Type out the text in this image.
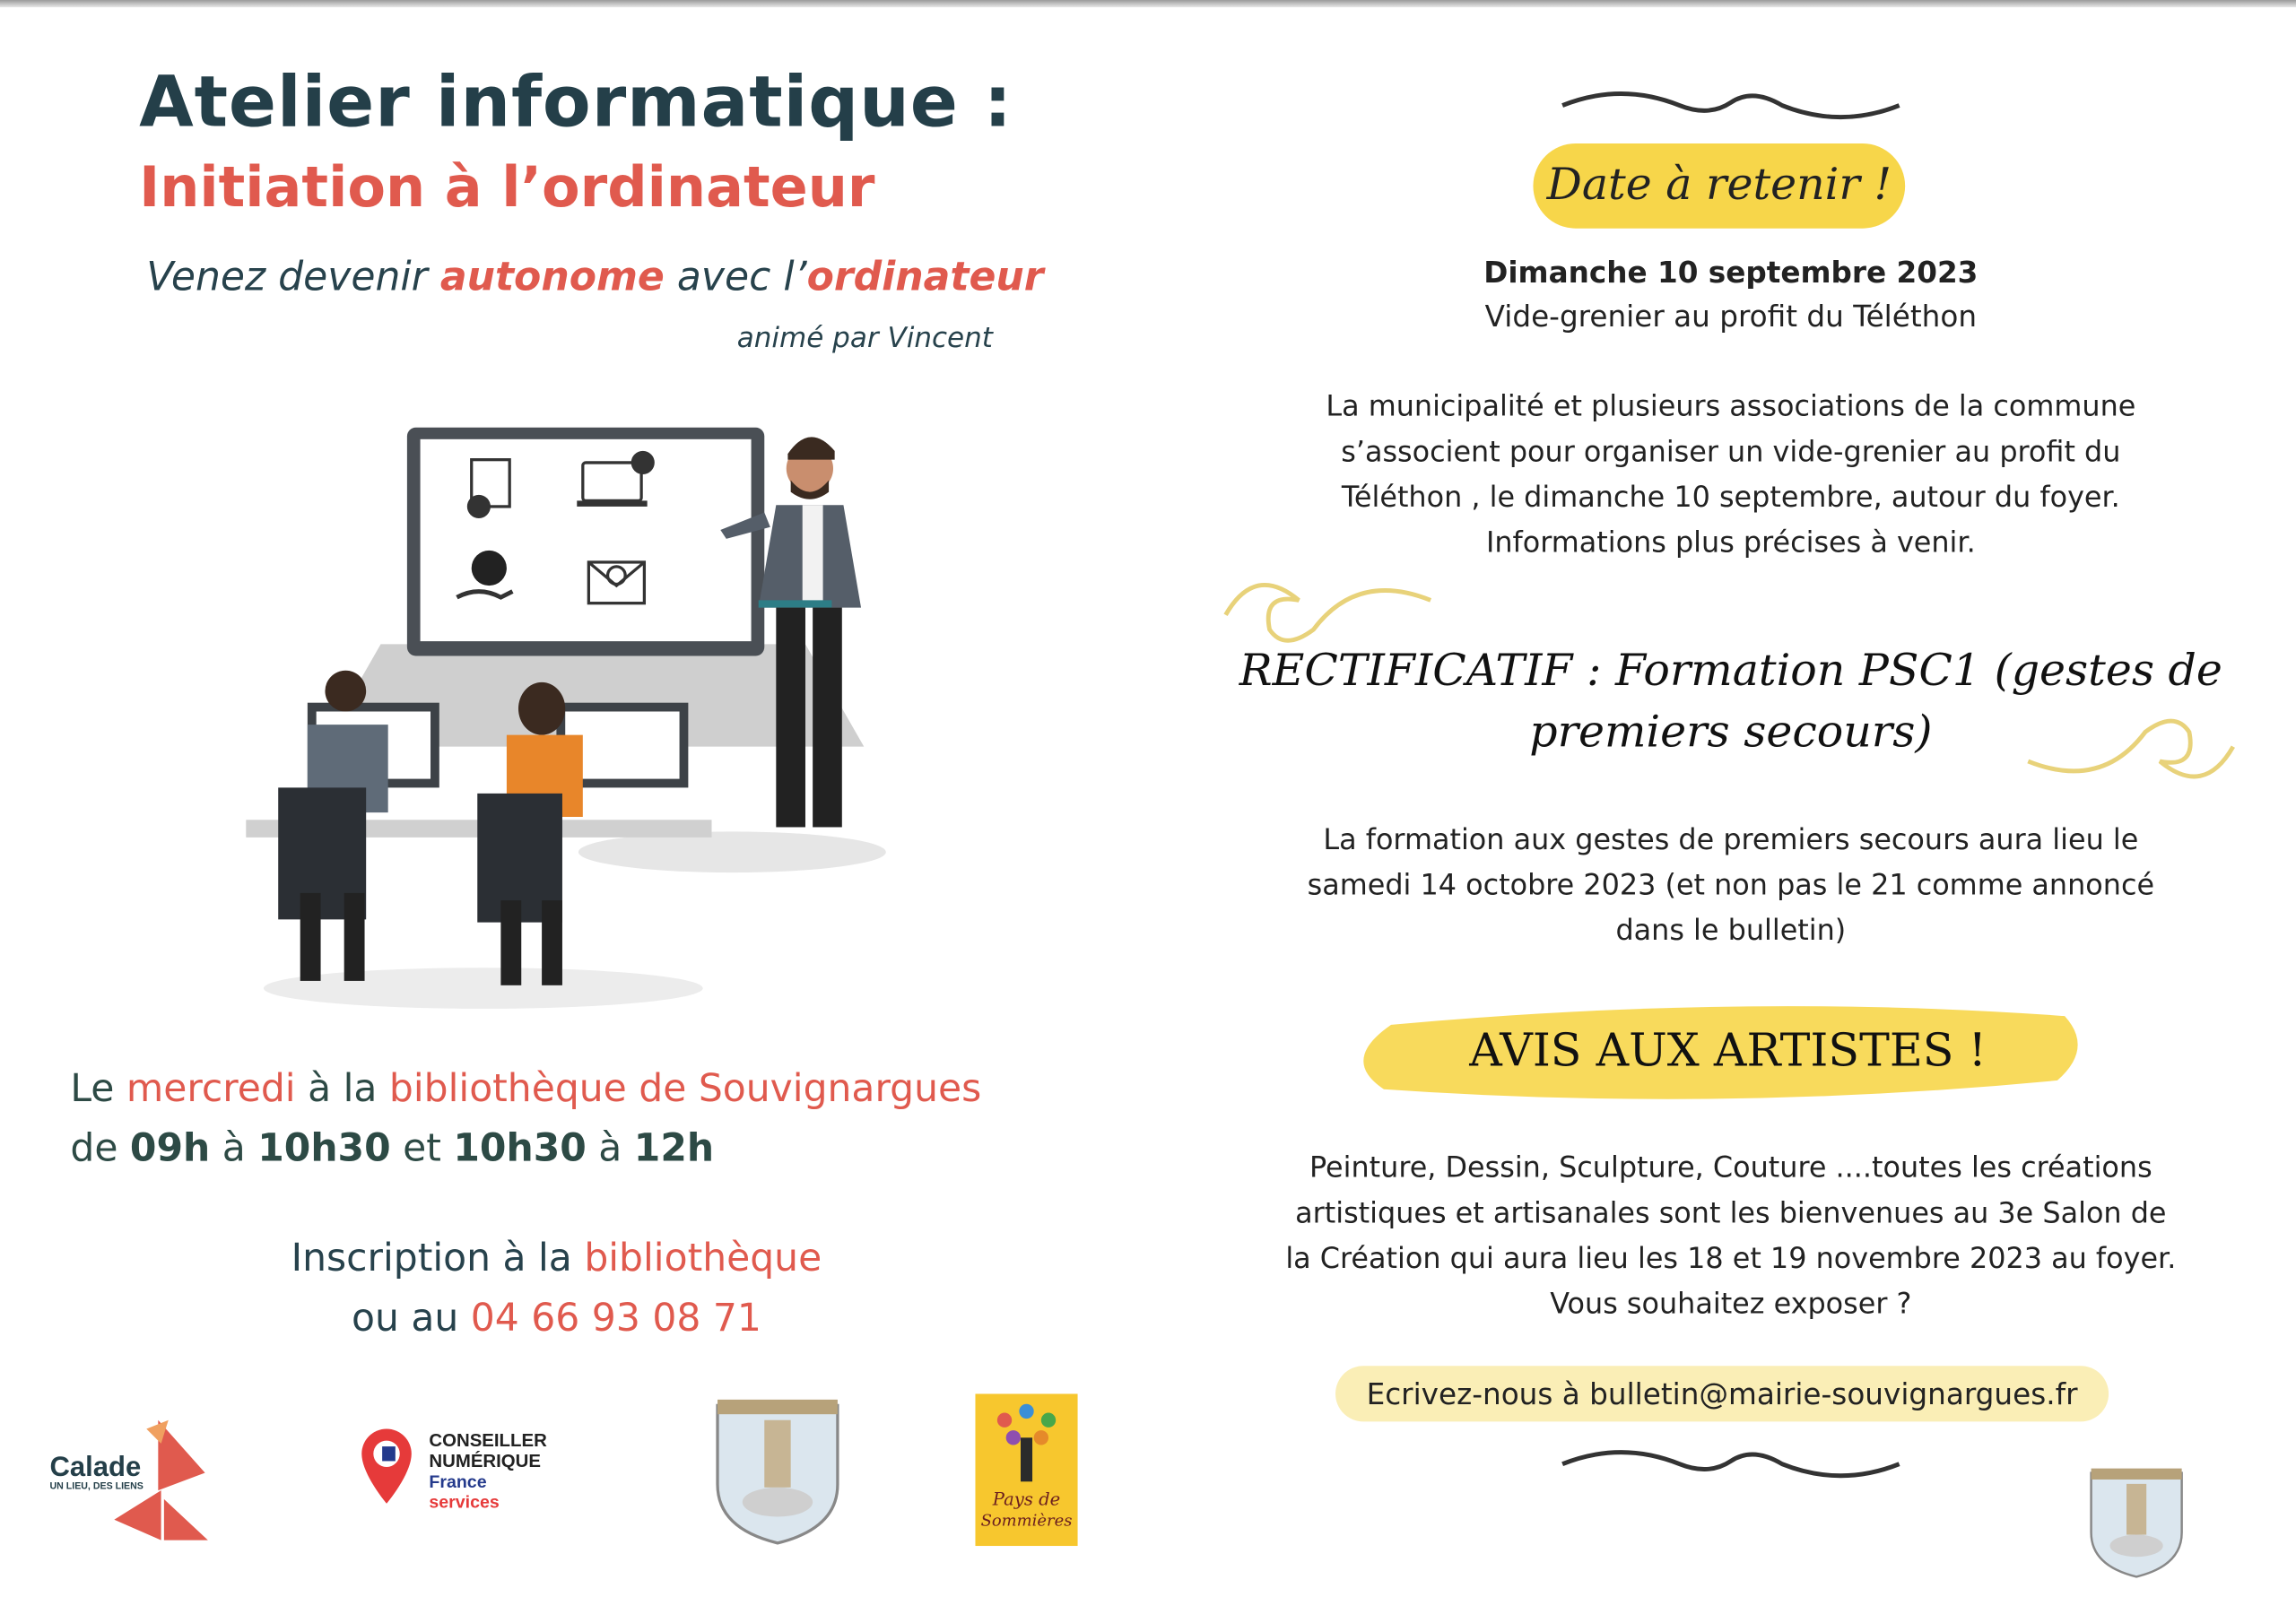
Atelier informatique :
Initiation à l’ordinateur
Venez devenir autonome avec l’ordinateur
animé par Vincent
Le mercredi à la bibliothèque de Souvignargues
de 09h à 10h30 et 10h30 à 12h
Inscription à la bibliothèque
ou au 04 66 93 08 71
Calade
UN LIEU, DES LIENS
CONSEILLER
NUMÉRIQUE
France
services	Pays de
Sommières
Date à retenir !
Dimanche 10 septembre 2023
Vide-grenier au profit du Téléthon
La municipalité et plusieurs associations de la commune
s’associent pour organiser un vide-grenier au profit du
Téléthon , le dimanche 10 septembre, autour du foyer.
Informations plus précises à venir.
RECTIFICATIF : Formation PSC1 (gestes de
premiers secours)
La formation aux gestes de premiers secours aura lieu le
samedi 14 octobre 2023 (et non pas le 21 comme annoncé
dans le bulletin)
AVIS AUX ARTISTES !
Peinture, Dessin, Sculpture, Couture ....toutes les créations
artistiques et artisanales sont les bienvenues au 3e Salon de
la Création qui aura lieu les 18 et 19 novembre 2023 au foyer.
Vous souhaitez exposer ?
Ecrivez-nous à bulletin@mairie-souvignargues.fr
